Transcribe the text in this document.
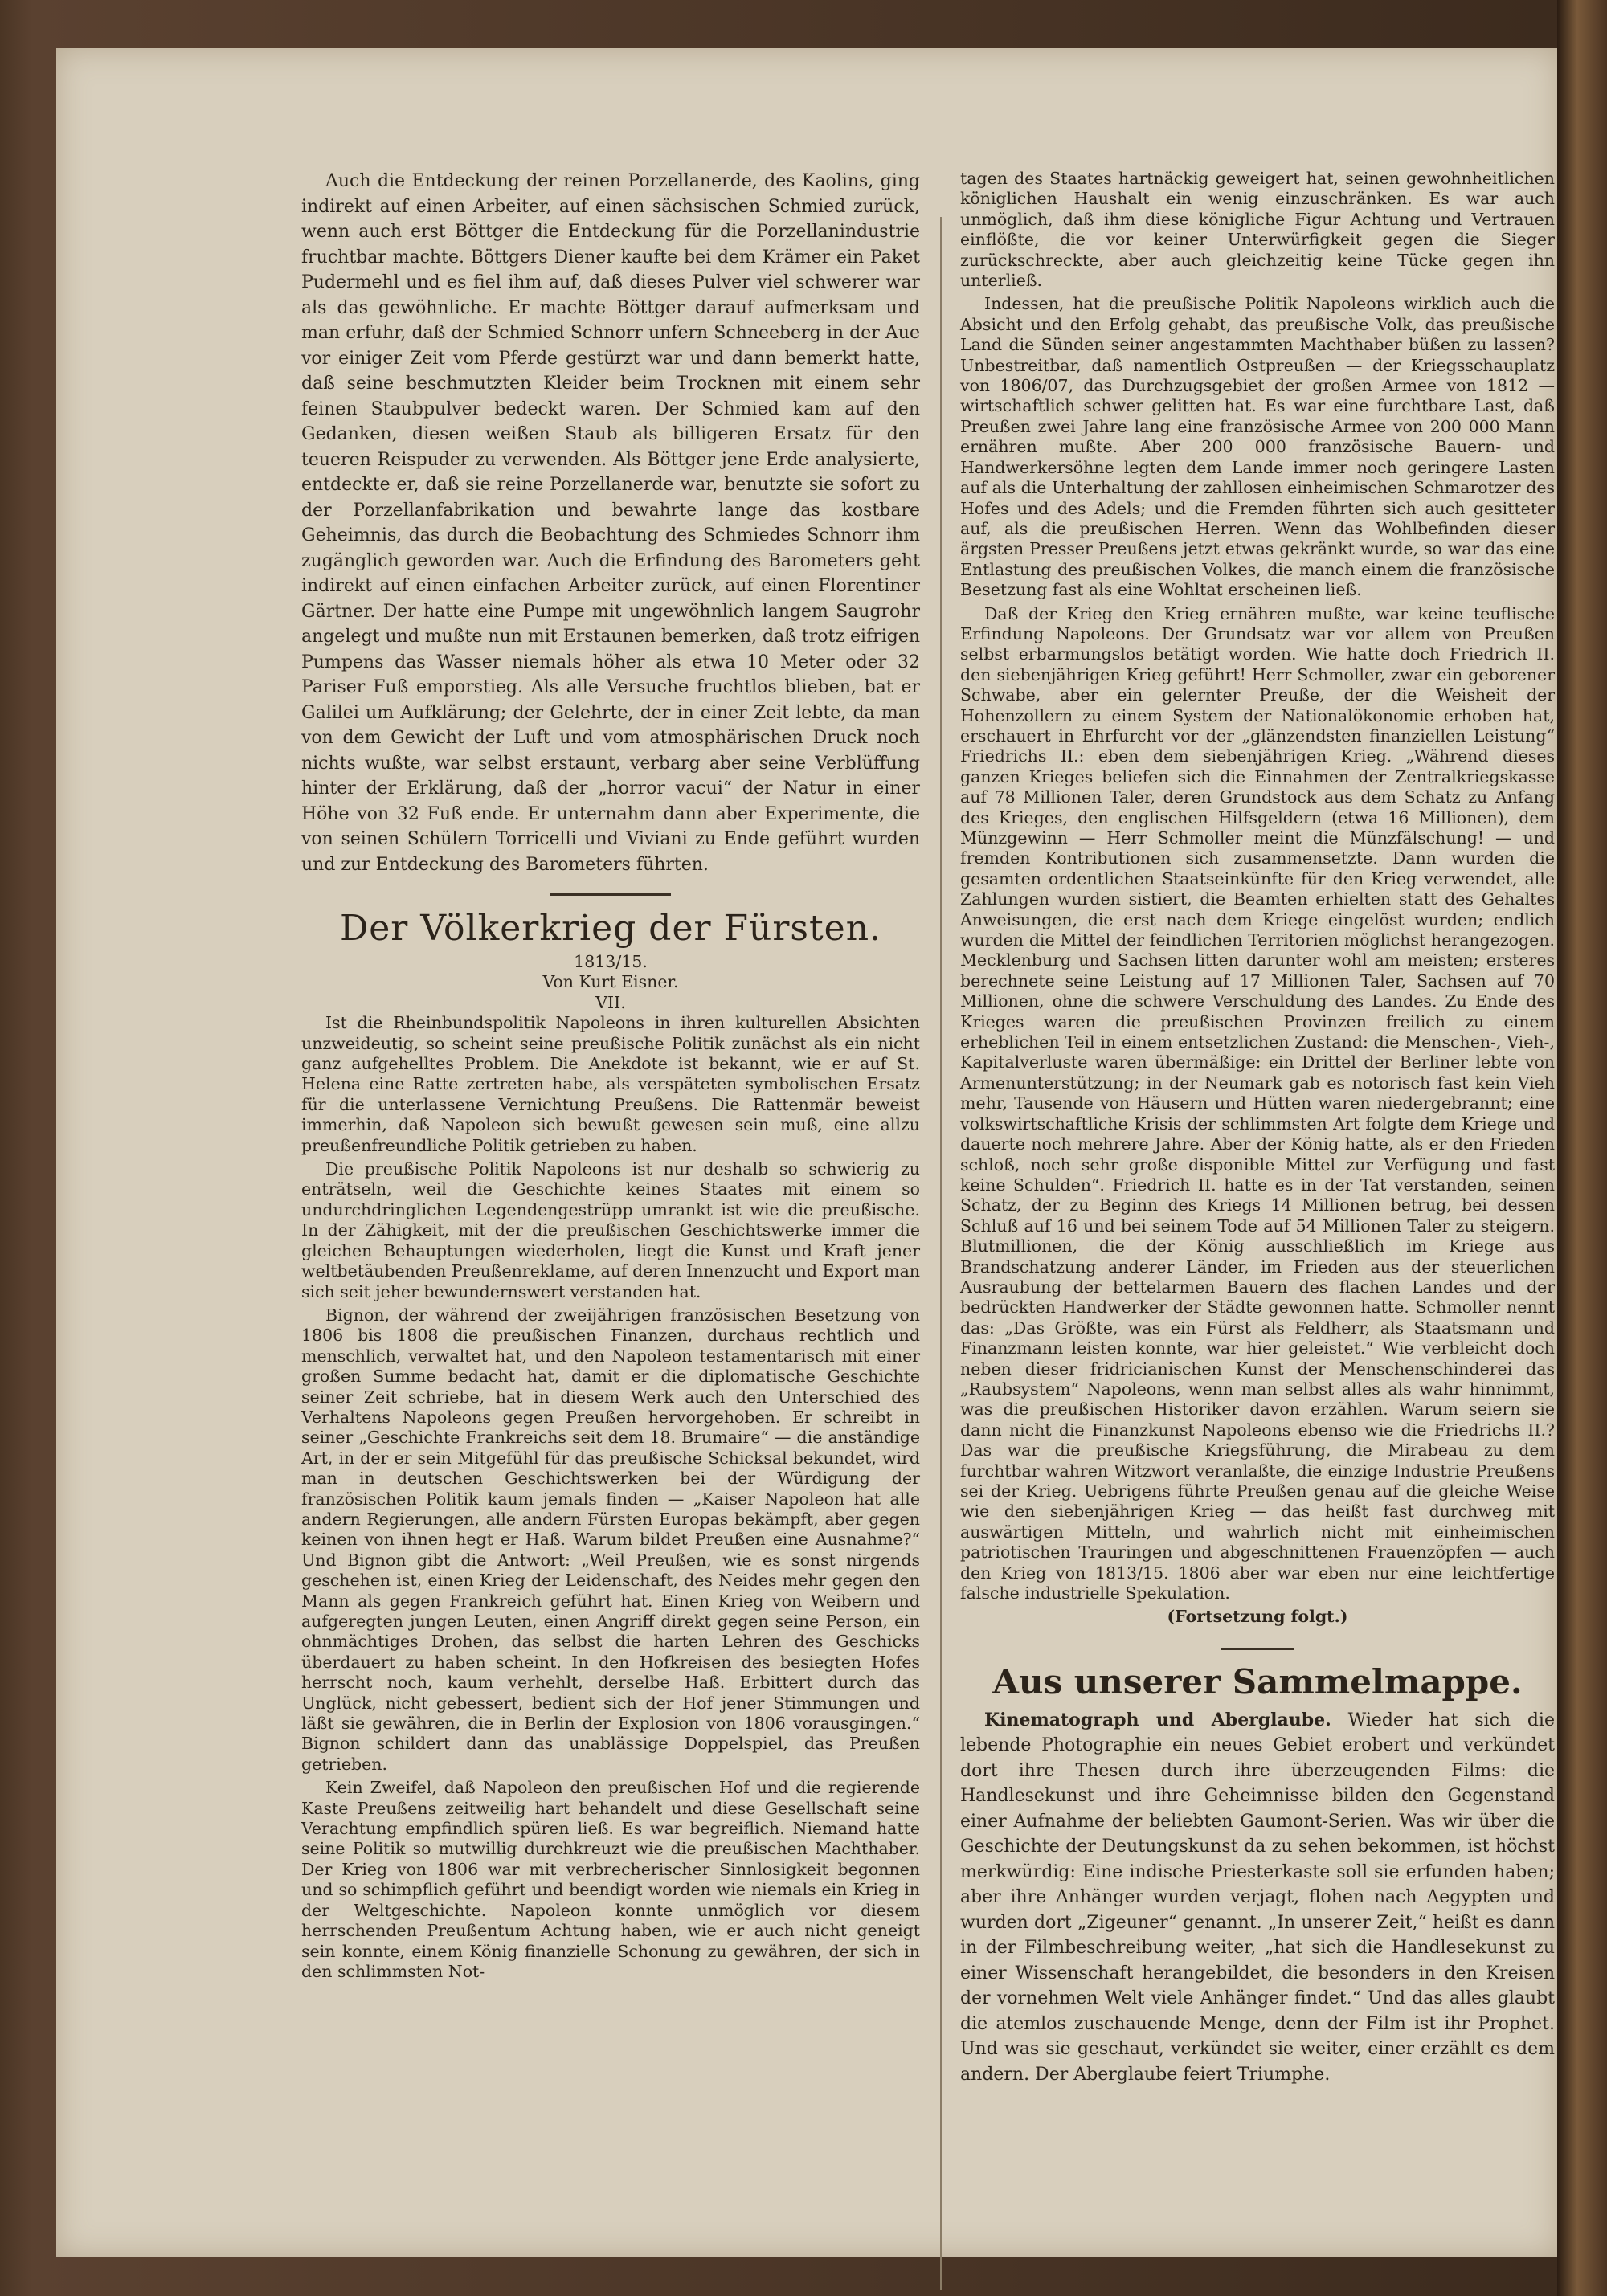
Auch die Entdeckung der reinen Porzellanerde, des Kaolins, ging indirekt auf einen Arbeiter, auf einen sächsischen Schmied zurück, wenn auch erst Böttger die Entdeckung für die Porzellanindustrie fruchtbar machte. Böttgers Diener kaufte bei dem Krämer ein Paket Pudermehl und es fiel ihm auf, daß dieses Pulver viel schwerer war als das gewöhnliche. Er machte Böttger darauf aufmerksam und man erfuhr, daß der Schmied Schnorr unfern Schneeberg in der Aue vor einiger Zeit vom Pferde gestürzt war und dann bemerkt hatte, daß seine beschmutzten Kleider beim Trocknen mit einem sehr feinen Staubpulver bedeckt waren. Der Schmied kam auf den Gedanken, diesen weißen Staub als billigeren Ersatz für den teueren Reispuder zu verwenden. Als Böttger jene Erde analysierte, entdeckte er, daß sie reine Porzellanerde war, benutzte sie sofort zu der Porzellanfabrikation und bewahrte lange das kostbare Geheimnis, das durch die Beobachtung des Schmiedes Schnorr ihm zugänglich geworden war. Auch die Erfindung des Barometers geht indirekt auf einen einfachen Arbeiter zurück, auf einen Florentiner Gärtner. Der hatte eine Pumpe mit ungewöhnlich langem Saugrohr angelegt und mußte nun mit Erstaunen bemerken, daß trotz eifrigen Pumpens das Wasser niemals höher als etwa 10 Meter oder 32 Pariser Fuß emporstieg. Als alle Versuche fruchtlos blieben, bat er Galilei um Aufklärung; der Gelehrte, der in einer Zeit lebte, da man von dem Gewicht der Luft und vom atmosphärischen Druck noch nichts wußte, war selbst erstaunt, verbarg aber seine Verblüffung hinter der Erklärung, daß der „horror vacui“ der Natur in einer Höhe von 32 Fuß ende. Er unternahm dann aber Experimente, die von seinen Schülern Torricelli und Viviani zu Ende geführt wurden und zur Entdeckung des Barometers führten.

Der Völkerkrieg der Fürsten.

1813/15.

Von Kurt Eisner.

VII.

Ist die Rheinbundspolitik Napoleons in ihren kulturellen Absichten unzweideutig, so scheint seine preußische Politik zunächst als ein nicht ganz aufgehelltes Problem. Die Anekdote ist bekannt, wie er auf St. Helena eine Ratte zertreten habe, als verspäteten symbolischen Ersatz für die unterlassene Vernichtung Preußens. Die Rattenmär beweist immerhin, daß Napoleon sich bewußt gewesen sein muß, eine allzu preußenfreundliche Politik getrieben zu haben.

Die preußische Politik Napoleons ist nur deshalb so schwierig zu enträtseln, weil die Geschichte keines Staates mit einem so undurchdringlichen Legendengestrüpp umrankt ist wie die preußische. In der Zähigkeit, mit der die preußischen Geschichtswerke immer die gleichen Behauptungen wiederholen, liegt die Kunst und Kraft jener weltbetäubenden Preußenreklame, auf deren Innenzucht und Export man sich seit jeher bewundernswert verstanden hat.

Bignon, der während der zweijährigen französischen Besetzung von 1806 bis 1808 die preußischen Finanzen, durchaus rechtlich und menschlich, verwaltet hat, und den Napoleon testamentarisch mit einer großen Summe bedacht hat, damit er die diplomatische Geschichte seiner Zeit schriebe, hat in diesem Werk auch den Unterschied des Verhaltens Napoleons gegen Preußen hervorgehoben. Er schreibt in seiner „Geschichte Frankreichs seit dem 18. Brumaire“ — die anständige Art, in der er sein Mitgefühl für das preußische Schicksal bekundet, wird man in deutschen Geschichtswerken bei der Würdigung der französischen Politik kaum jemals finden — „Kaiser Napoleon hat alle andern Regierungen, alle andern Fürsten Europas bekämpft, aber gegen keinen von ihnen hegt er Haß. Warum bildet Preußen eine Ausnahme?“ Und Bignon gibt die Antwort: „Weil Preußen, wie es sonst nirgends geschehen ist, einen Krieg der Leidenschaft, des Neides mehr gegen den Mann als gegen Frankreich geführt hat. Einen Krieg von Weibern und aufgeregten jungen Leuten, einen Angriff direkt gegen seine Person, ein ohnmächtiges Drohen, das selbst die harten Lehren des Geschicks überdauert zu haben scheint. In den Hofkreisen des besiegten Hofes herrscht noch, kaum verhehlt, derselbe Haß. Erbittert durch das Unglück, nicht gebessert, bedient sich der Hof jener Stimmungen und läßt sie gewähren, die in Berlin der Explosion von 1806 vorausgingen.“ Bignon schildert dann das unablässige Doppelspiel, das Preußen getrieben.

Kein Zweifel, daß Napoleon den preußischen Hof und die regierende Kaste Preußens zeitweilig hart behandelt und diese Gesellschaft seine Verachtung empfindlich spüren ließ. Es war begreiflich. Niemand hatte seine Politik so mutwillig durchkreuzt wie die preußischen Machthaber. Der Krieg von 1806 war mit verbrecherischer Sinnlosigkeit begonnen und so schimpflich geführt und beendigt worden wie niemals ein Krieg in der Weltgeschichte. Napoleon konnte unmöglich vor diesem herrschenden Preußentum Achtung haben, wie er auch nicht geneigt sein konnte, einem König finanzielle Schonung zu gewähren, der sich in den schlimmsten Not-

tagen des Staates hartnäckig geweigert hat, seinen gewohnheitlichen königlichen Haushalt ein wenig einzuschränken. Es war auch unmöglich, daß ihm diese königliche Figur Achtung und Vertrauen einflößte, die vor keiner Unterwürfigkeit gegen die Sieger zurückschreckte, aber auch gleichzeitig keine Tücke gegen ihn unterließ.

Indessen, hat die preußische Politik Napoleons wirklich auch die Absicht und den Erfolg gehabt, das preußische Volk, das preußische Land die Sünden seiner angestammten Machthaber büßen zu lassen? Unbestreitbar, daß namentlich Ostpreußen — der Kriegsschauplatz von 1806/07, das Durchzugsgebiet der großen Armee von 1812 — wirtschaftlich schwer gelitten hat. Es war eine furchtbare Last, daß Preußen zwei Jahre lang eine französische Armee von 200 000 Mann ernähren mußte. Aber 200 000 französische Bauern- und Handwerkersöhne legten dem Lande immer noch geringere Lasten auf als die Unterhaltung der zahllosen einheimischen Schmarotzer des Hofes und des Adels; und die Fremden führten sich auch gesitteter auf, als die preußischen Herren. Wenn das Wohlbefinden dieser ärgsten Presser Preußens jetzt etwas gekränkt wurde, so war das eine Entlastung des preußischen Volkes, die manch einem die französische Besetzung fast als eine Wohltat erscheinen ließ.

Daß der Krieg den Krieg ernähren mußte, war keine teuflische Erfindung Napoleons. Der Grundsatz war vor allem von Preußen selbst erbarmungslos betätigt worden. Wie hatte doch Friedrich II. den siebenjährigen Krieg geführt! Herr Schmoller, zwar ein geborener Schwabe, aber ein gelernter Preuße, der die Weisheit der Hohenzollern zu einem System der Nationalökonomie erhoben hat, erschauert in Ehrfurcht vor der „glänzendsten finanziellen Leistung“ Friedrichs II.: eben dem siebenjährigen Krieg. „Während dieses ganzen Krieges beliefen sich die Einnahmen der Zentralkriegskasse auf 78 Millionen Taler, deren Grundstock aus dem Schatz zu Anfang des Krieges, den englischen Hilfsgeldern (etwa 16 Millionen), dem Münzgewinn — Herr Schmoller meint die Münzfälschung! — und fremden Kontributionen sich zusammensetzte. Dann wurden die gesamten ordentlichen Staatseinkünfte für den Krieg verwendet, alle Zahlungen wurden sistiert, die Beamten erhielten statt des Gehaltes Anweisungen, die erst nach dem Kriege eingelöst wurden; endlich wurden die Mittel der feindlichen Territorien möglichst herangezogen. Mecklenburg und Sachsen litten darunter wohl am meisten; ersteres berechnete seine Leistung auf 17 Millionen Taler, Sachsen auf 70 Millionen, ohne die schwere Verschuldung des Landes. Zu Ende des Krieges waren die preußischen Provinzen freilich zu einem erheblichen Teil in einem entsetzlichen Zustand: die Menschen-, Vieh-, Kapitalverluste waren übermäßige: ein Drittel der Berliner lebte von Armenunterstützung; in der Neumark gab es notorisch fast kein Vieh mehr, Tausende von Häusern und Hütten waren niedergebrannt; eine volkswirtschaftliche Krisis der schlimmsten Art folgte dem Kriege und dauerte noch mehrere Jahre. Aber der König hatte, als er den Frieden schloß, noch sehr große disponible Mittel zur Verfügung und fast keine Schulden“. Friedrich II. hatte es in der Tat verstanden, seinen Schatz, der zu Beginn des Kriegs 14 Millionen betrug, bei dessen Schluß auf 16 und bei seinem Tode auf 54 Millionen Taler zu steigern. Blutmillionen, die der König ausschließlich im Kriege aus Brandschatzung anderer Länder, im Frieden aus der steuerlichen Ausraubung der bettelarmen Bauern des flachen Landes und der bedrückten Handwerker der Städte gewonnen hatte. Schmoller nennt das: „Das Größte, was ein Fürst als Feldherr, als Staatsmann und Finanzmann leisten konnte, war hier geleistet.“ Wie verbleicht doch neben dieser fridricianischen Kunst der Menschenschinderei das „Raubsystem“ Napoleons, wenn man selbst alles als wahr hinnimmt, was die preußischen Historiker davon erzählen. Warum seiern sie dann nicht die Finanzkunst Napoleons ebenso wie die Friedrichs II.? Das war die preußische Kriegsführung, die Mirabeau zu dem furchtbar wahren Witzwort veranlaßte, die einzige Industrie Preußens sei der Krieg. Uebrigens führte Preußen genau auf die gleiche Weise wie den siebenjährigen Krieg — das heißt fast durchweg mit auswärtigen Mitteln, und wahrlich nicht mit einheimischen patriotischen Trauringen und abgeschnittenen Frauenzöpfen — auch den Krieg von 1813/15. 1806 aber war eben nur eine leichtfertige falsche industrielle Spekulation.

(Fortsetzung folgt.)

Aus unserer Sammelmappe.

Kinematograph und Aberglaube. Wieder hat sich die lebende Photographie ein neues Gebiet erobert und verkündet dort ihre Thesen durch ihre überzeugenden Films: die Handlesekunst und ihre Geheimnisse bilden den Gegenstand einer Aufnahme der beliebten Gaumont-Serien. Was wir über die Geschichte der Deutungskunst da zu sehen bekommen, ist höchst merkwürdig: Eine indische Priesterkaste soll sie erfunden haben; aber ihre Anhänger wurden verjagt, flohen nach Aegypten und wurden dort „Zigeuner“ genannt. „In unserer Zeit,“ heißt es dann in der Filmbeschreibung weiter, „hat sich die Handlesekunst zu einer Wissenschaft herangebildet, die besonders in den Kreisen der vornehmen Welt viele Anhänger findet.“ Und das alles glaubt die atemlos zuschauende Menge, denn der Film ist ihr Prophet. Und was sie geschaut, verkündet sie weiter, einer erzählt es dem andern. Der Aberglaube feiert Triumphe.
